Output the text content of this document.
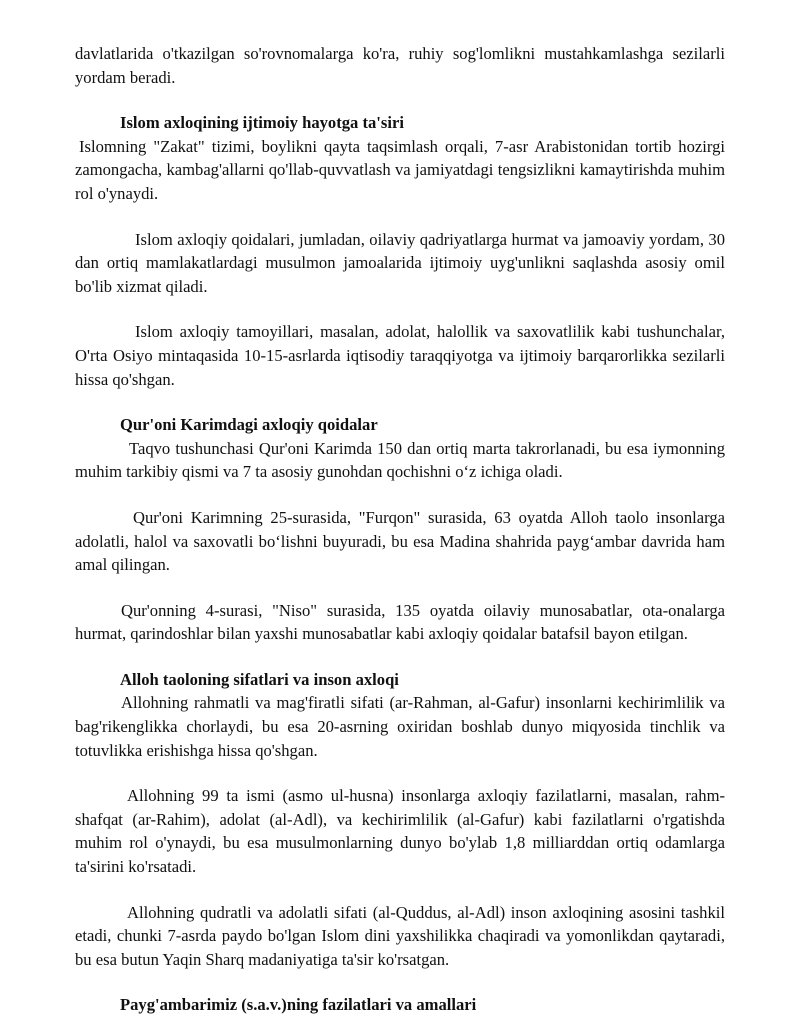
davlatlarida o'tkazilgan so'rovnomalarga ko'ra, ruhiy sog'lomlikni mustahkamlashga sezilarli yordam beradi.

Islom axloqining ijtimoiy hayotga ta'siri

Islomning "Zakat" tizimi, boylikni qayta taqsimlash orqali, 7-asr Arabistonidan tortib hozirgi zamongacha, kambag'allarni qo'llab-quvvatlash va jamiyatdagi tengsizlikni kamaytirishda muhim rol o'ynaydi.

Islom axloqiy qoidalari, jumladan, oilaviy qadriyatlarga hurmat va jamoaviy yordam, 30 dan ortiq mamlakatlardagi musulmon jamoalarida ijtimoiy uyg'unlikni saqlashda asosiy omil bo'lib xizmat qiladi.

Islom axloqiy tamoyillari, masalan, adolat, halollik va saxovatlilik kabi tushunchalar, O'rta Osiyo mintaqasida 10-15-asrlarda iqtisodiy taraqqiyotga va ijtimoiy barqarorlikka sezilarli hissa qo'shgan.

Qur'oni Karimdagi axloqiy qoidalar

Taqvo tushunchasi Qur'oni Karimda 150 dan ortiq marta takrorlanadi, bu esa iymonning muhim tarkibiy qismi va 7 ta asosiy gunohdan qochishni o‘z ichiga oladi.

Qur'oni Karimning 25-surasida, "Furqon" surasida, 63 oyatda Alloh taolo insonlarga adolatli, halol va saxovatli bo‘lishni buyuradi, bu esa Madina shahrida payg‘ambar davrida ham amal qilingan.

Qur'onning 4-surasi, "Niso" surasida, 135 oyatda oilaviy munosabatlar, ota-onalarga hurmat, qarindoshlar bilan yaxshi munosabatlar kabi axloqiy qoidalar batafsil bayon etilgan.

Alloh taoloning sifatlari va inson axloqi

Allohning rahmatli va mag'firatli sifati (ar-Rahman, al-Gafur) insonlarni kechirimlilik va bag'rikenglikka chorlaydi, bu esa 20-asrning oxiridan boshlab dunyo miqyosida tinchlik va totuvlikka erishishga hissa qo'shgan.

Allohning 99 ta ismi (asmo ul-husna) insonlarga axloqiy fazilatlarni, masalan, rahm-shafqat (ar-Rahim), adolat (al-Adl), va kechirimlilik (al-Gafur) kabi fazilatlarni o'rgatishda muhim rol o'ynaydi, bu esa musulmonlarning dunyo bo'ylab 1,8 milliarddan ortiq odamlarga ta'sirini ko'rsatadi.

Allohning qudratli va adolatli sifati (al-Quddus, al-Adl) inson axloqining asosini tashkil etadi, chunki 7-asrda paydo bo'lgan Islom dini yaxshilikka chaqiradi va yomonlikdan qaytaradi, bu esa butun Yaqin Sharq madaniyatiga ta'sir ko'rsatgan.

Payg'ambarimiz (s.a.v.)ning fazilatlari va amallari
